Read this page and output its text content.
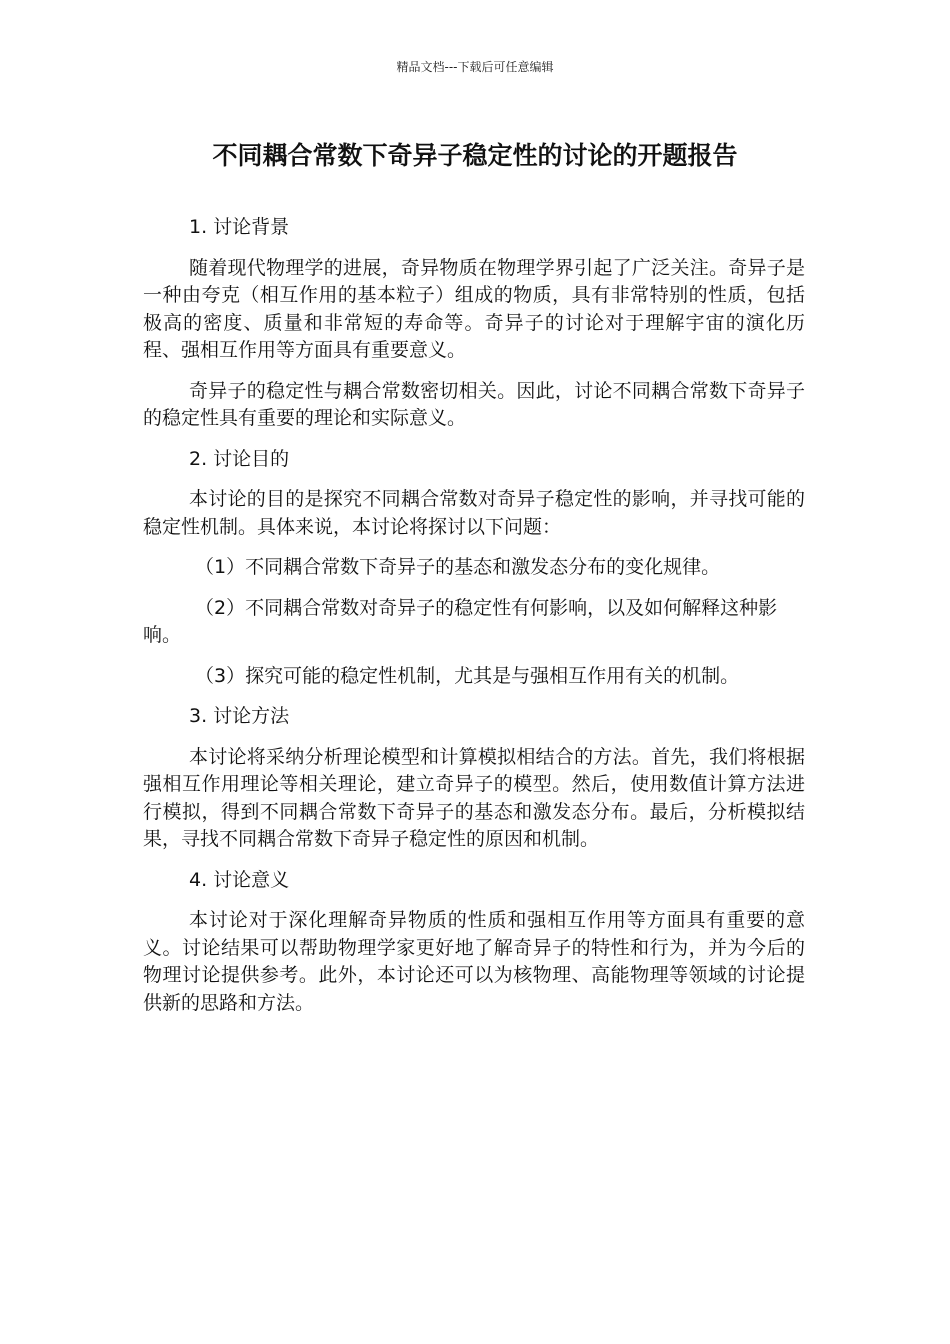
精品文档---下载后可任意编辑
不同耦合常数下奇异子稳定性的讨论的开题报告

1. 讨论背景

随着现代物理学的进展，奇异物质在物理学界引起了广泛关注。奇异子是一种由夸克（相互作用的基本粒子）组成的物质，具有非常特别的性质，包括极高的密度、质量和非常短的寿命等。奇异子的讨论对于理解宇宙的演化历程、强相互作用等方面具有重要意义。

奇异子的稳定性与耦合常数密切相关。因此，讨论不同耦合常数下奇异子的稳定性具有重要的理论和实际意义。

2. 讨论目的

本讨论的目的是探究不同耦合常数对奇异子稳定性的影响，并寻找可能的稳定性机制。具体来说，本讨论将探讨以下问题：

（1）不同耦合常数下奇异子的基态和激发态分布的变化规律。

（2）不同耦合常数对奇异子的稳定性有何影响，以及如何解释这种影响。

（3）探究可能的稳定性机制，尤其是与强相互作用有关的机制。

3. 讨论方法

本讨论将采纳分析理论模型和计算模拟相结合的方法。首先，我们将根据强相互作用理论等相关理论，建立奇异子的模型。然后，使用数值计算方法进行模拟，得到不同耦合常数下奇异子的基态和激发态分布。最后，分析模拟结果，寻找不同耦合常数下奇异子稳定性的原因和机制。

4. 讨论意义

本讨论对于深化理解奇异物质的性质和强相互作用等方面具有重要的意义。讨论结果可以帮助物理学家更好地了解奇异子的特性和行为，并为今后的物理讨论提供参考。此外，本讨论还可以为核物理、高能物理等领域的讨论提供新的思路和方法。
